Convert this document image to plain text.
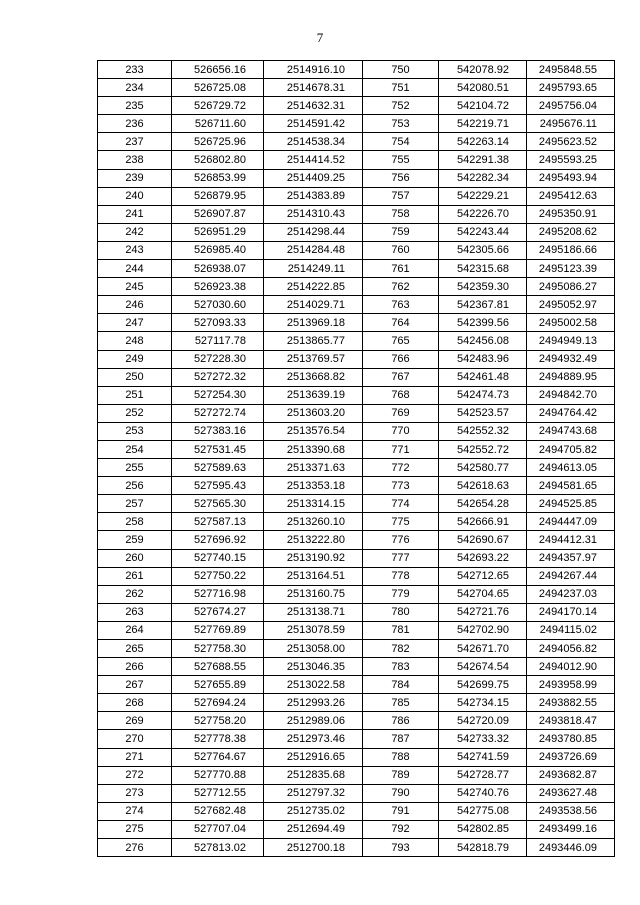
7
233	526656.16	2514916.10	750	542078.92	2495848.55
234	526725.08	2514678.31	751	542080.51	2495793.65
235	526729.72	2514632.31	752	542104.72	2495756.04
236	526711.60	2514591.42	753	542219.71	2495676.11
237	526725.96	2514538.34	754	542263.14	2495623.52
238	526802.80	2514414.52	755	542291.38	2495593.25
239	526853.99	2514409.25	756	542282.34	2495493.94
240	526879.95	2514383.89	757	542229.21	2495412.63
241	526907.87	2514310.43	758	542226.70	2495350.91
242	526951.29	2514298.44	759	542243.44	2495208.62
243	526985.40	2514284.48	760	542305.66	2495186.66
244	526938.07	2514249.11	761	542315.68	2495123.39
245	526923.38	2514222.85	762	542359.30	2495086.27
246	527030.60	2514029.71	763	542367.81	2495052.97
247	527093.33	2513969.18	764	542399.56	2495002.58
248	527117.78	2513865.77	765	542456.08	2494949.13
249	527228.30	2513769.57	766	542483.96	2494932.49
250	527272.32	2513668.82	767	542461.48	2494889.95
251	527254.30	2513639.19	768	542474.73	2494842.70
252	527272.74	2513603.20	769	542523.57	2494764.42
253	527383.16	2513576.54	770	542552.32	2494743.68
254	527531.45	2513390.68	771	542552.72	2494705.82
255	527589.63	2513371.63	772	542580.77	2494613.05
256	527595.43	2513353.18	773	542618.63	2494581.65
257	527565.30	2513314.15	774	542654.28	2494525.85
258	527587.13	2513260.10	775	542666.91	2494447.09
259	527696.92	2513222.80	776	542690.67	2494412.31
260	527740.15	2513190.92	777	542693.22	2494357.97
261	527750.22	2513164.51	778	542712.65	2494267.44
262	527716.98	2513160.75	779	542704.65	2494237.03
263	527674.27	2513138.71	780	542721.76	2494170.14
264	527769.89	2513078.59	781	542702.90	2494115.02
265	527758.30	2513058.00	782	542671.70	2494056.82
266	527688.55	2513046.35	783	542674.54	2494012.90
267	527655.89	2513022.58	784	542699.75	2493958.99
268	527694.24	2512993.26	785	542734.15	2493882.55
269	527758.20	2512989.06	786	542720.09	2493818.47
270	527778.38	2512973.46	787	542733.32	2493780.85
271	527764.67	2512916.65	788	542741.59	2493726.69
272	527770.88	2512835.68	789	542728.77	2493682.87
273	527712.55	2512797.32	790	542740.76	2493627.48
274	527682.48	2512735.02	791	542775.08	2493538.56
275	527707.04	2512694.49	792	542802.85	2493499.16
276	527813.02	2512700.18	793	542818.79	2493446.09
